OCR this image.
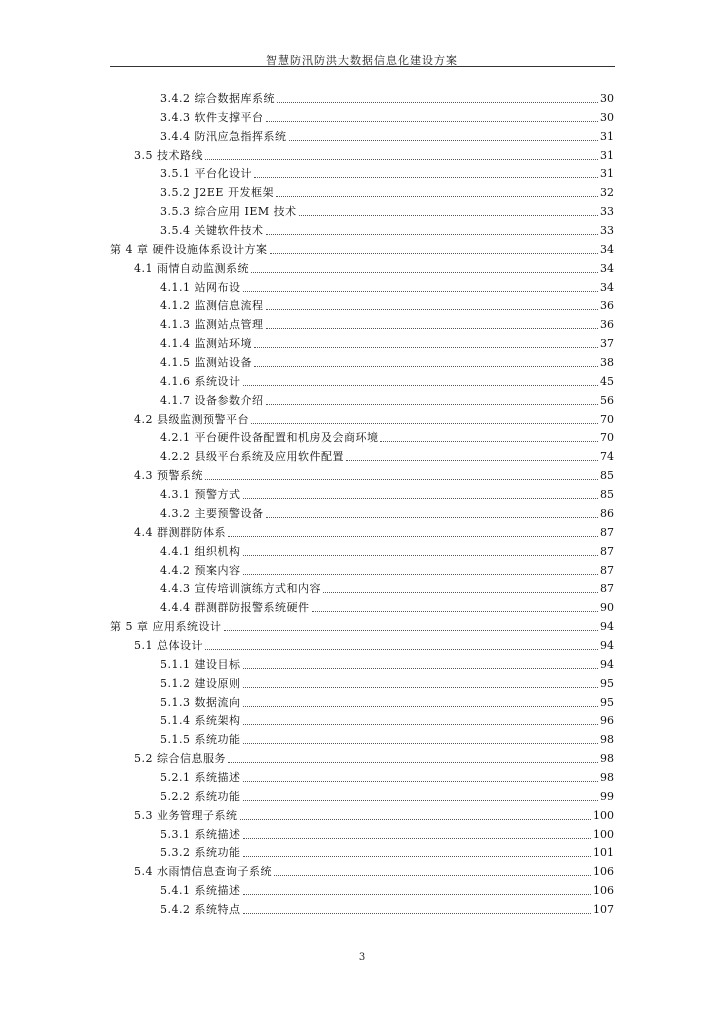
智慧防汛防洪大数据信息化建设方案
3.4.2 综合数据库系统	30
3.4.3 软件支撑平台	30
3.4.4 防汛应急指挥系统	31
3.5 技术路线	31
3.5.1 平台化设计	31
3.5.2 J2EE 开发框架	32
3.5.3 综合应用 IEM 技术	33
3.5.4 关键软件技术	33
第 4 章 硬件设施体系设计方案	34
4.1 雨情自动监测系统	34
4.1.1 站网布设	34
4.1.2 监测信息流程	36
4.1.3 监测站点管理	36
4.1.4 监测站环境	37
4.1.5 监测站设备	38
4.1.6 系统设计	45
4.1.7 设备参数介绍	56
4.2 县级监测预警平台	70
4.2.1 平台硬件设备配置和机房及会商环境	70
4.2.2 县级平台系统及应用软件配置	74
4.3 预警系统	85
4.3.1 预警方式	85
4.3.2 主要预警设备	86
4.4 群测群防体系	87
4.4.1 组织机构	87
4.4.2 预案内容	87
4.4.3 宣传培训演练方式和内容	87
4.4.4 群测群防报警系统硬件	90
第 5 章 应用系统设计	94
5.1 总体设计	94
5.1.1 建设目标	94
5.1.2 建设原则	95
5.1.3 数据流向	95
5.1.4 系统架构	96
5.1.5 系统功能	98
5.2 综合信息服务	98
5.2.1 系统描述	98
5.2.2 系统功能	99
5.3 业务管理子系统	100
5.3.1 系统描述	100
5.3.2 系统功能	101
5.4 水雨情信息查询子系统	106
5.4.1 系统描述	106
5.4.2 系统特点	107
3
